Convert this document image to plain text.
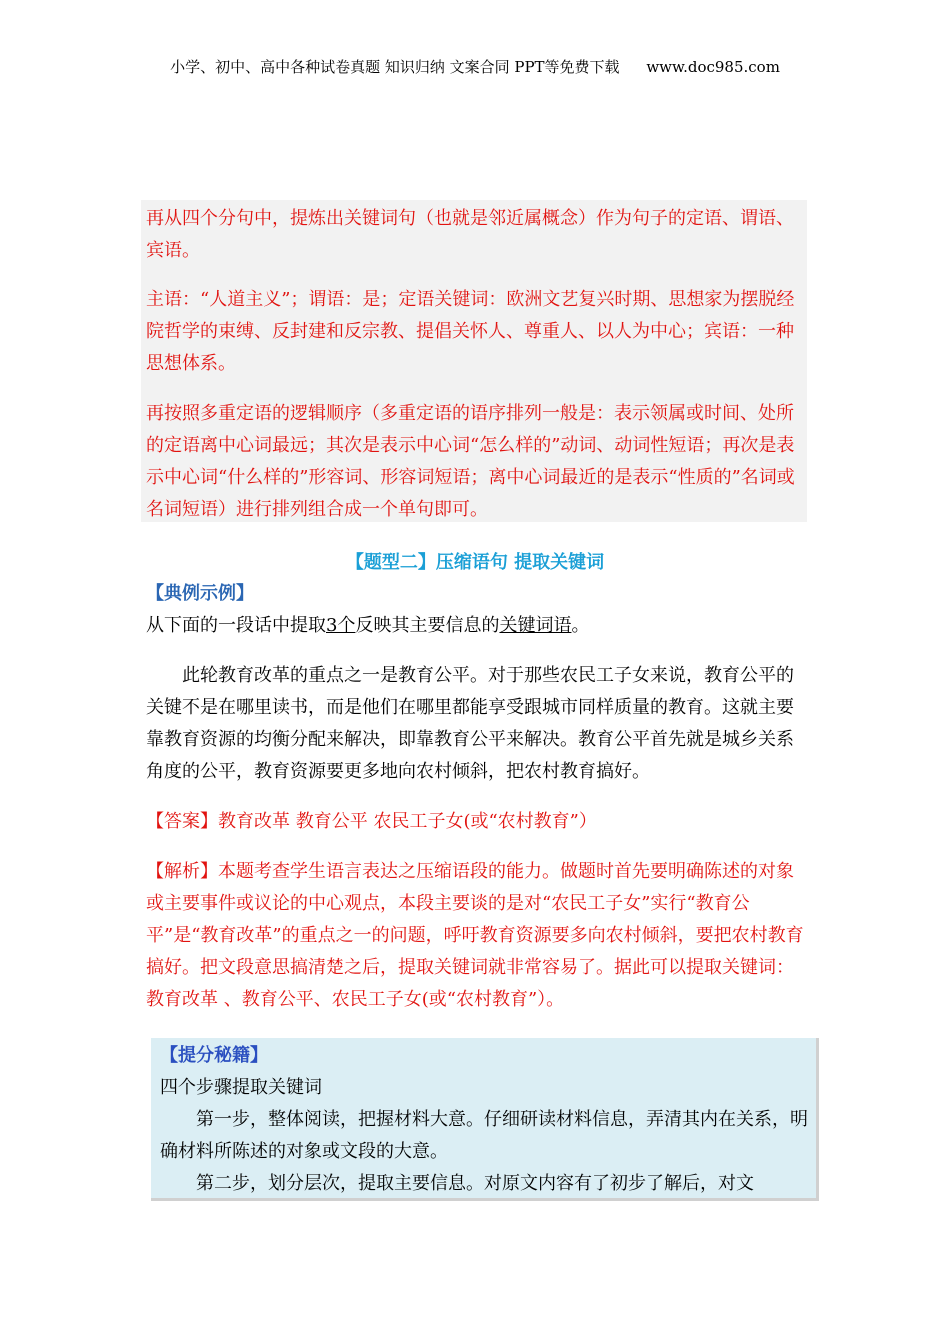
小学、初中、高中各种试卷真题 知识归纳 文案合同 PPT等免费下载 www.doc985.com

再从四个分句中，提炼出关键词句（也就是邻近属概念）作为句子的定语、谓语、宾语。

主语：“人道主义”；谓语：是；定语关键词：欧洲文艺复兴时期、思想家为摆脱经院哲学的束缚、反封建和反宗教、提倡关怀人、尊重人、以人为中心；宾语：一种思想体系。

再按照多重定语的逻辑顺序（多重定语的语序排列一般是：表示领属或时间、处所的定语离中心词最远；其次是表示中心词“怎么样的”动词、动词性短语；再次是表示中心词“什么样的”形容词、形容词短语；离中心词最近的是表示“性质的”名词或名词短语）进行排列组合成一个单句即可。

【题型二】压缩语句 提取关键词

【典例示例】

从下面的一段话中提取3个反映其主要信息的关键词语。

此轮教育改革的重点之一是教育公平。对于那些农民工子女来说，教育公平的关键不是在哪里读书，而是他们在哪里都能享受跟城市同样质量的教育。这就主要靠教育资源的均衡分配来解决，即靠教育公平来解决。教育公平首先就是城乡关系角度的公平，教育资源要更多地向农村倾斜，把农村教育搞好。

【答案】教育改革 教育公平 农民工子女(或“农村教育”）

【解析】本题考查学生语言表达之压缩语段的能力。做题时首先要明确陈述的对象或主要事件或议论的中心观点，本段主要谈的是对“农民工子女”实行“教育公平”是“教育改革”的重点之一的问题，呼吁教育资源要多向农村倾斜，要把农村教育搞好。把文段意思搞清楚之后，提取关键词就非常容易了。据此可以提取关键词：教育改革 、教育公平、农民工子女(或“农村教育”）。

【提分秘籍】

四个步骤提取关键词

第一步，整体阅读，把握材料大意。仔细研读材料信息，弄清其内在关系，明确材料所陈述的对象或文段的大意。

第二步，划分层次，提取主要信息。对原文内容有了初步了解后，对文
